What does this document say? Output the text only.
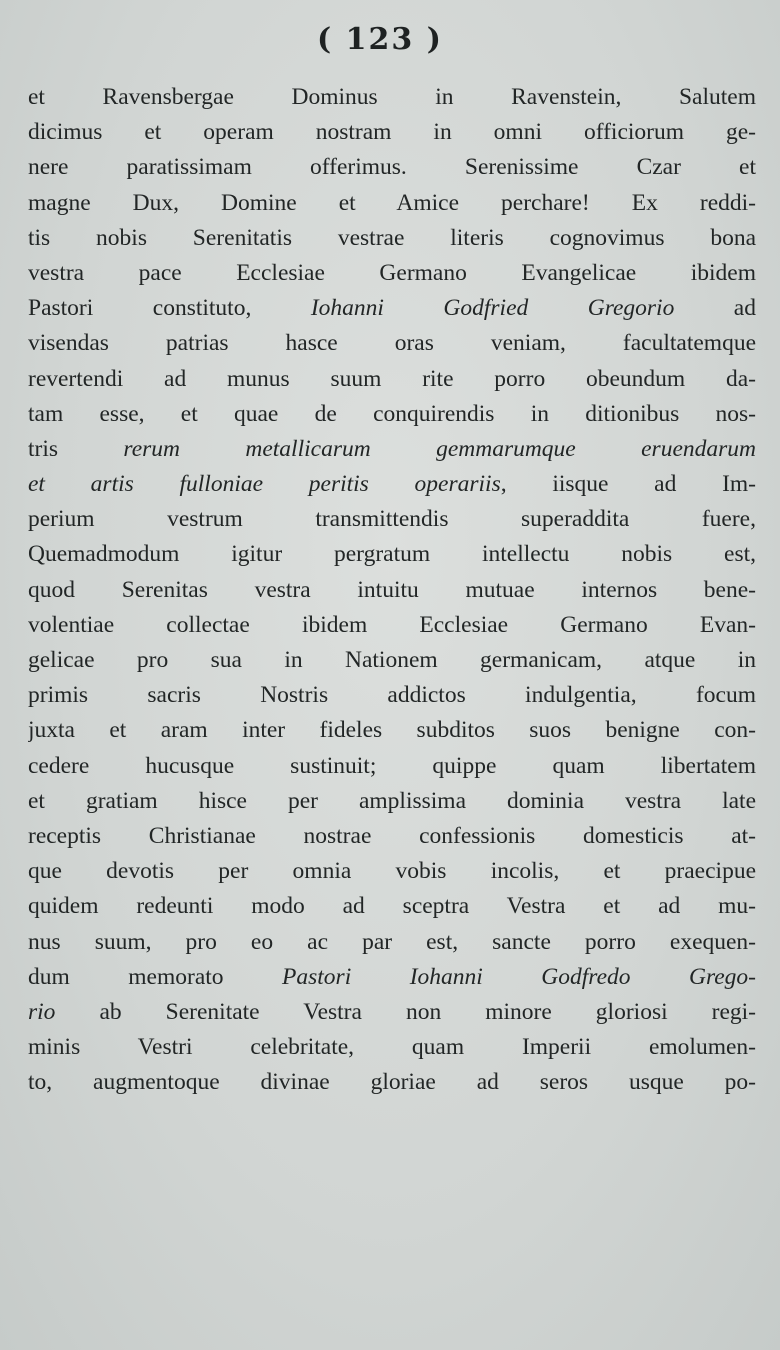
( 123 )
et Ravensbergae Dominus in Ravenstein, Salutem
dicimus et operam nostram in omni officiorum ge-
nere paratissimam offerimus. Serenissime Czar et
magne Dux, Domine et Amice perchare! Ex reddi-
tis nobis Serenitatis vestrae literis cognovimus bona
vestra pace Ecclesiae Germano Evangelicae ibidem
Pastori constituto, Iohanni Godfried Gregorio ad
visendas patrias hasce oras veniam, facultatemque
revertendi ad munus suum rite porro obeundum da-
tam esse, et quae de conquirendis in ditionibus nos-
tris rerum metallicarum gemmarumque eruendarum
et artis fulloniae peritis operariis, iisque ad Im-
perium vestrum transmittendis superaddita fuere,
Quemadmodum igitur pergratum intellectu nobis est,
quod Serenitas vestra intuitu mutuae internos bene-
volentiae collectae ibidem Ecclesiae Germano Evan-
gelicae pro sua in Nationem germanicam, atque in
primis sacris Nostris addictos indulgentia, focum
juxta et aram inter fideles subditos suos benigne con-
cedere hucusque sustinuit; quippe quam libertatem
et gratiam hisce per amplissima dominia vestra late
receptis Christianae nostrae confessionis domesticis at-
que devotis per omnia vobis incolis, et praecipue
quidem redeunti modo ad sceptra Vestra et ad mu-
nus suum, pro eo ac par est, sancte porro exequen-
dum memorato Pastori Iohanni Godfredo Grego-
rio ab Serenitate Vestra non minore gloriosi regi-
minis Vestri celebritate, quam Imperii emolumen-
to, augmentoque divinae gloriae ad seros usque po-
